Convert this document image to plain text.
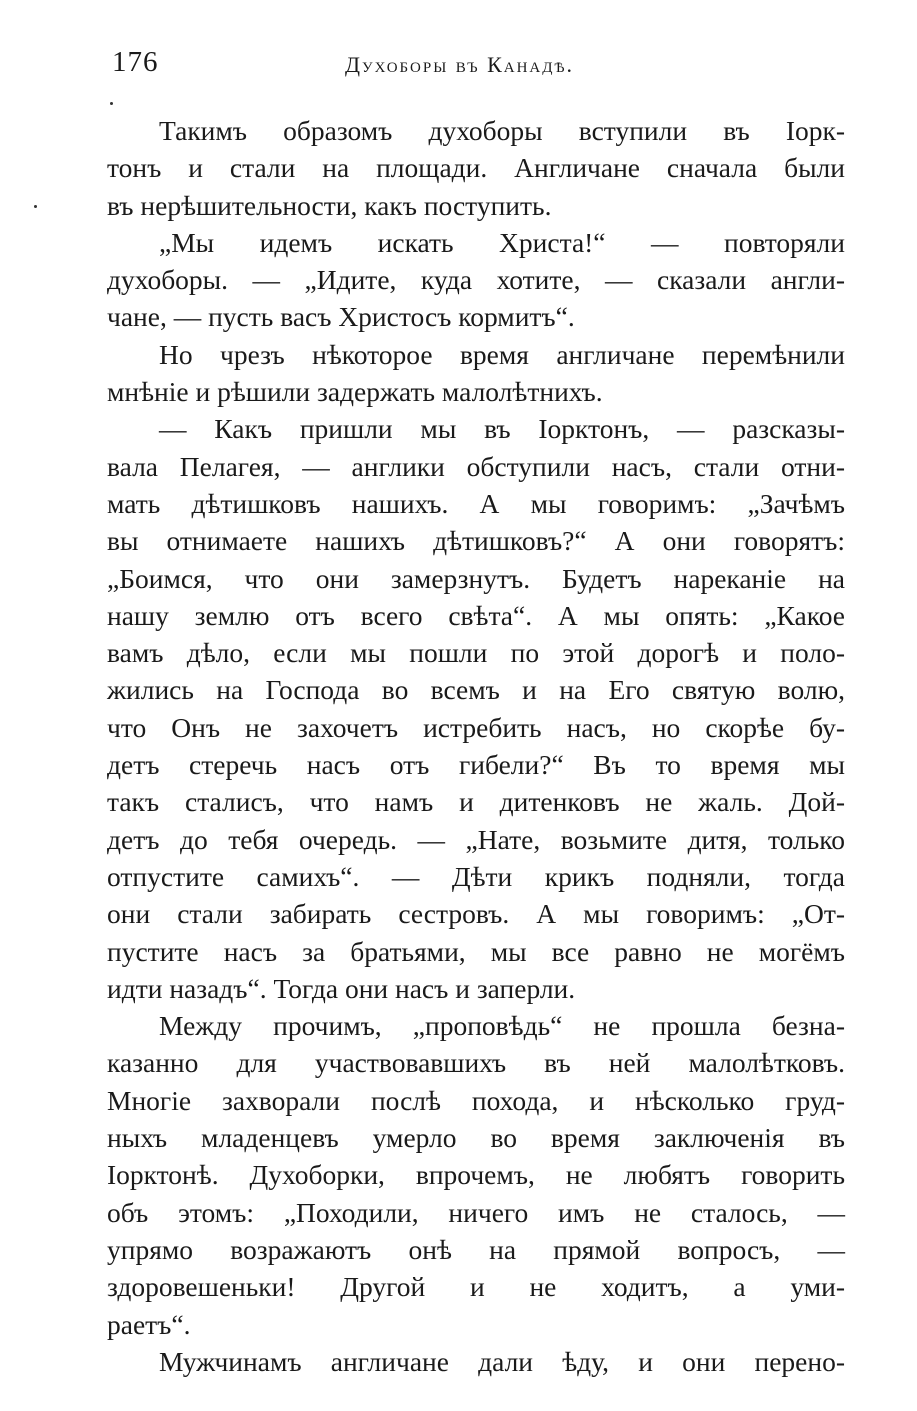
176	Духоборы въ Канадѣ.
Такимъ образомъ духоборы вступили въ Іорк-
тонъ и стали на площади. Англичане сначала были
въ нерѣшительности, какъ поступить.
„Мы идемъ искать Христа!“ — повторяли
духоборы. — „Идите, куда хотите, — сказали англи-
чане, — пусть васъ Христосъ кормитъ“.
Но чрезъ нѣкоторое время англичане перемѣнили
мнѣніе и рѣшили задержать малолѣтнихъ.
— Какъ пришли мы въ Іорктонъ, — разсказы-
вала Пелагея, — англики обступили насъ, стали отни-
мать дѣтишковъ нашихъ. А мы говоримъ: „Зачѣмъ
вы отнимаете нашихъ дѣтишковъ?“ А они говорятъ:
„Боимся, что они замерзнутъ. Будетъ нареканіе на
нашу землю отъ всего свѣта“. А мы опять: „Какое
вамъ дѣло, если мы пошли по этой дорогѣ и поло-
жились на Господа во всемъ и на Его святую волю,
что Онъ не захочетъ истребить насъ, но скорѣе бу-
детъ стеречь насъ отъ гибели?“ Въ то время мы
такъ сталисъ, что намъ и дитенковъ не жаль. Дой-
детъ до тебя очередь. — „Нате, возьмите дитя, только
отпустите самихъ“. — Дѣти крикъ подняли, тогда
они стали забирать сестровъ. А мы говоримъ: „От-
пустите насъ за братьями, мы все равно не могёмъ
идти назадъ“. Тогда они насъ и заперли.
Между прочимъ, „проповѣдь“ не прошла безна-
казанно для участвовавшихъ въ ней малолѣтковъ.
Многіе захворали послѣ похода, и нѣсколько груд-
ныхъ младенцевъ умерло во время заключенія въ
Іорктонѣ. Духоборки, впрочемъ, не любятъ говорить
объ этомъ: „Походили, ничего имъ не сталось, —
упрямо возражаютъ онѣ на прямой вопросъ, —
здоровешеньки! Другой и не ходитъ, а уми-
раетъ“.
Мужчинамъ англичане дали ѣду, и они перено-
